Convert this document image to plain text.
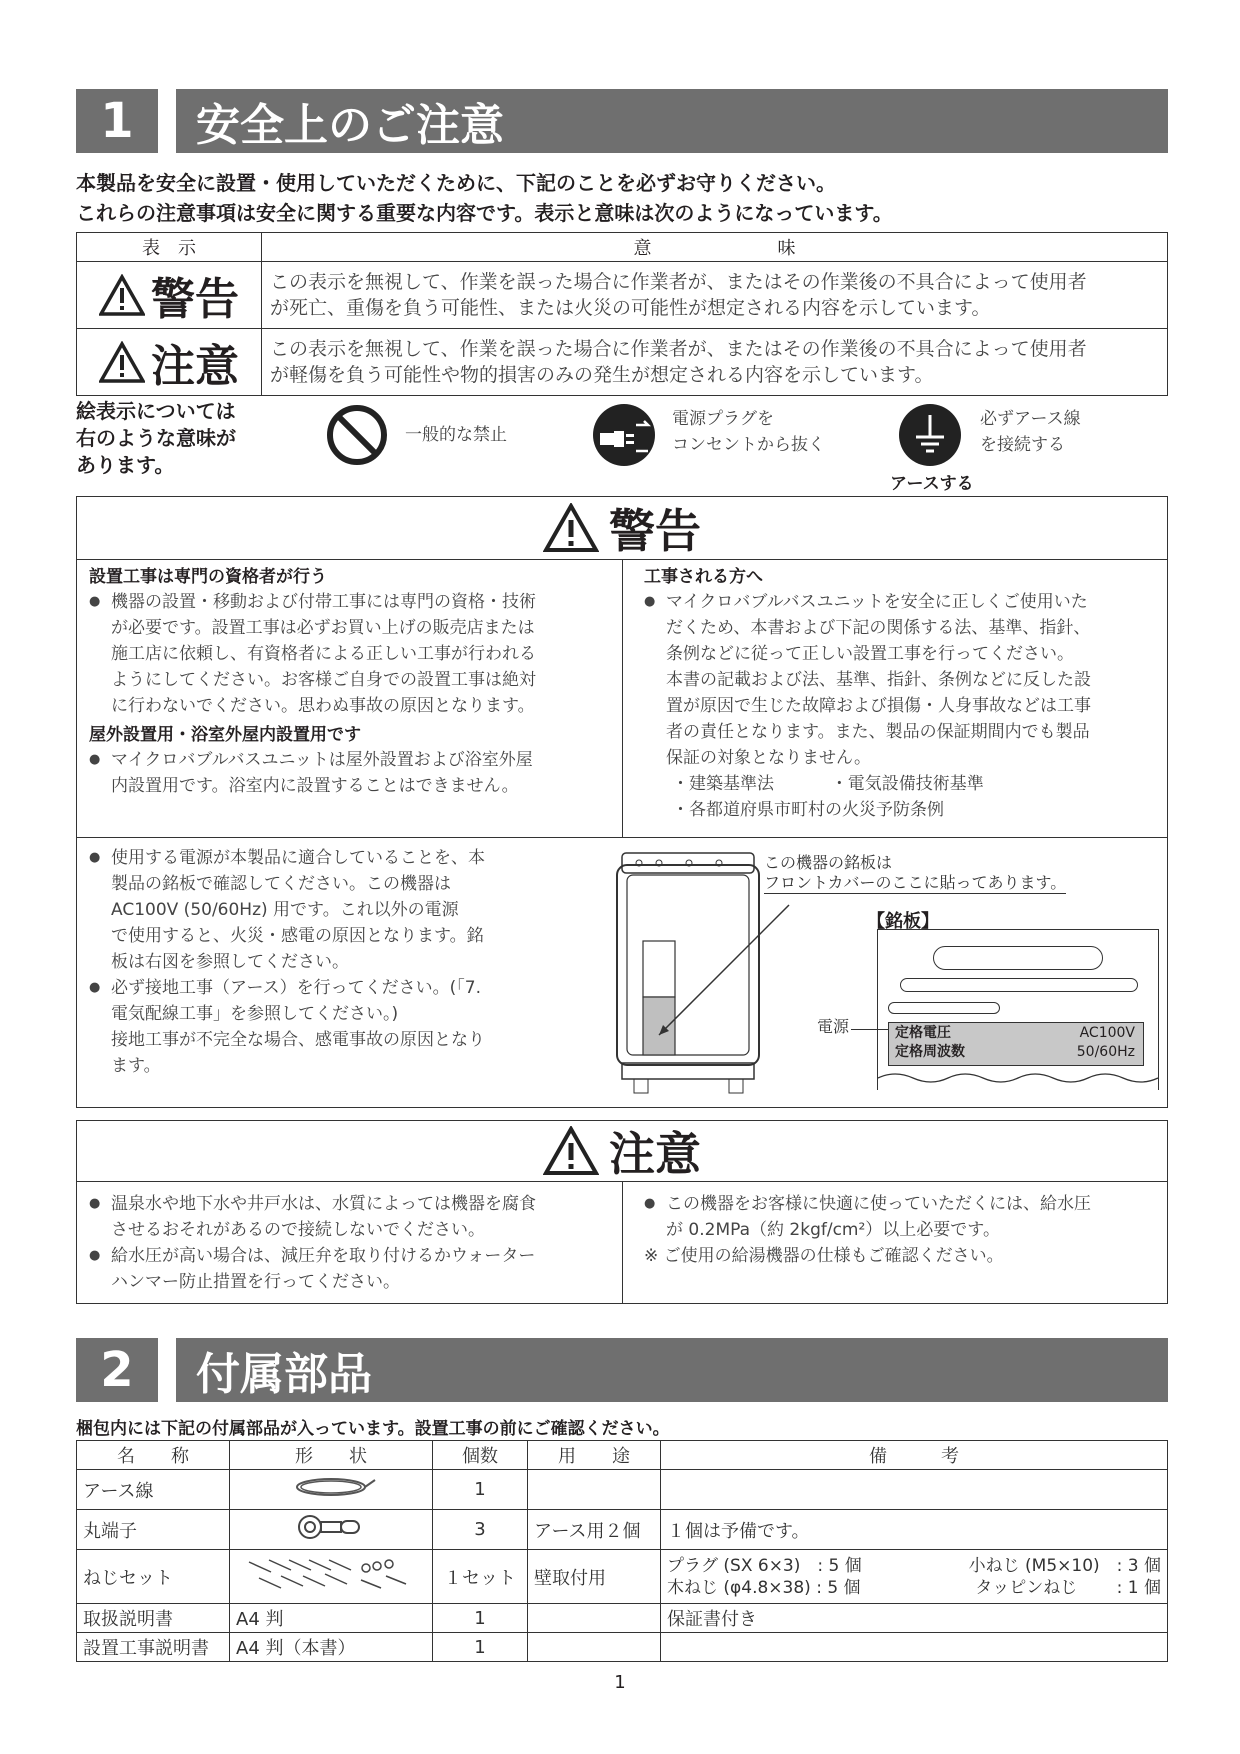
1	安全上のご注意
本製品を安全に設置・使用していただくために、下記のことを必ずお守りください。
これらの注意事項は安全に関する重要な内容です。表示と意味は次のようになっています。
表　示	意　　　　　　　味

警告	この表示を無視して、作業を誤った場合に作業者が、またはその作業後の不具合によって使用者
が死亡、重傷を負う可能性、または火災の可能性が想定される内容を示しています。

注意	この表示を無視して、作業を誤った場合に作業者が、またはその作業後の不具合によって使用者
が軽傷を負う可能性や物的損害のみの発生が想定される内容を示しています。
絵表示については
右のような意味が
あります。
一般的な禁止
電源プラグを
コンセントから抜く
必ずアース線
を接続する
アースする
警告
設置工事は専門の資格者が行う
● 機器の設置・移動および付帯工事には専門の資格・技術
が必要です。設置工事は必ずお買い上げの販売店または
施工店に依頼し、有資格者による正しい工事が行われる
ようにしてください。お客様ご自身での設置工事は絶対
に行わないでください。思わぬ事故の原因となります。
屋外設置用・浴室外屋内設置用です
● マイクロバブルバスユニットは屋外設置および浴室外屋
内設置用です。浴室内に設置することはできません。
工事される方へ
● マイクロバブルバスユニットを安全に正しくご使用いた
だくため、本書および下記の関係する法、基準、指針、
条例などに従って正しい設置工事を行ってください。
本書の記載および法、基準、指針、条例などに反した設
置が原因で生じた故障および損傷・人身事故などは工事
者の責任となります。また、製品の保証期間内でも製品
保証の対象となりません。
・建築基準法	・電気設備技術基準
・各都道府県市町村の火災予防条例
● 使用する電源が本製品に適合していることを、本
製品の銘板で確認してください。この機器は
AC100V (50/60Hz) 用です。これ以外の電源
で使用すると、火災・感電の原因となります。銘
板は右図を参照してください。
● 必ず接地工事（アース）を行ってください。(「7.
電気配線工事」を参照してください。)
接地工事が不完全な場合、感電事故の原因となり
ます。
この機器の銘板は
フロントカバーのここに貼ってあります。
【銘板】
定格電圧	AC100V
定格周波数	50/60Hz
電源
注意
● 温泉水や地下水や井戸水は、水質によっては機器を腐食
させるおそれがあるので接続しないでください。
● 給水圧が高い場合は、減圧弁を取り付けるかウォーター
ハンマー防止措置を行ってください。
● この機器をお客様に快適に使っていただくには、給水圧
が 0.2MPa（約 2kgf/cm²）以上必要です。
※ ご使用の給湯機器の仕様もご確認ください。
2	付属部品
梱包内には下記の付属部品が入っています。設置工事の前にご確認ください。
名　　称	形　　状	個数	用　　途	備　　　考
アース線		1		
丸端子		3	アース用２個	１個は予備です。
ねじセット		１セット	壁取付用	プラグ (SX 6×3)　: 5 個 小ねじ (M5×10)　: 3 個
木ねじ (φ4.8×38) : 5 個 タッピンねじ　　 : 1 個

取扱説明書	A4 判	1		保証書付き
設置工事説明書	A4 判（本書）	1		
1
